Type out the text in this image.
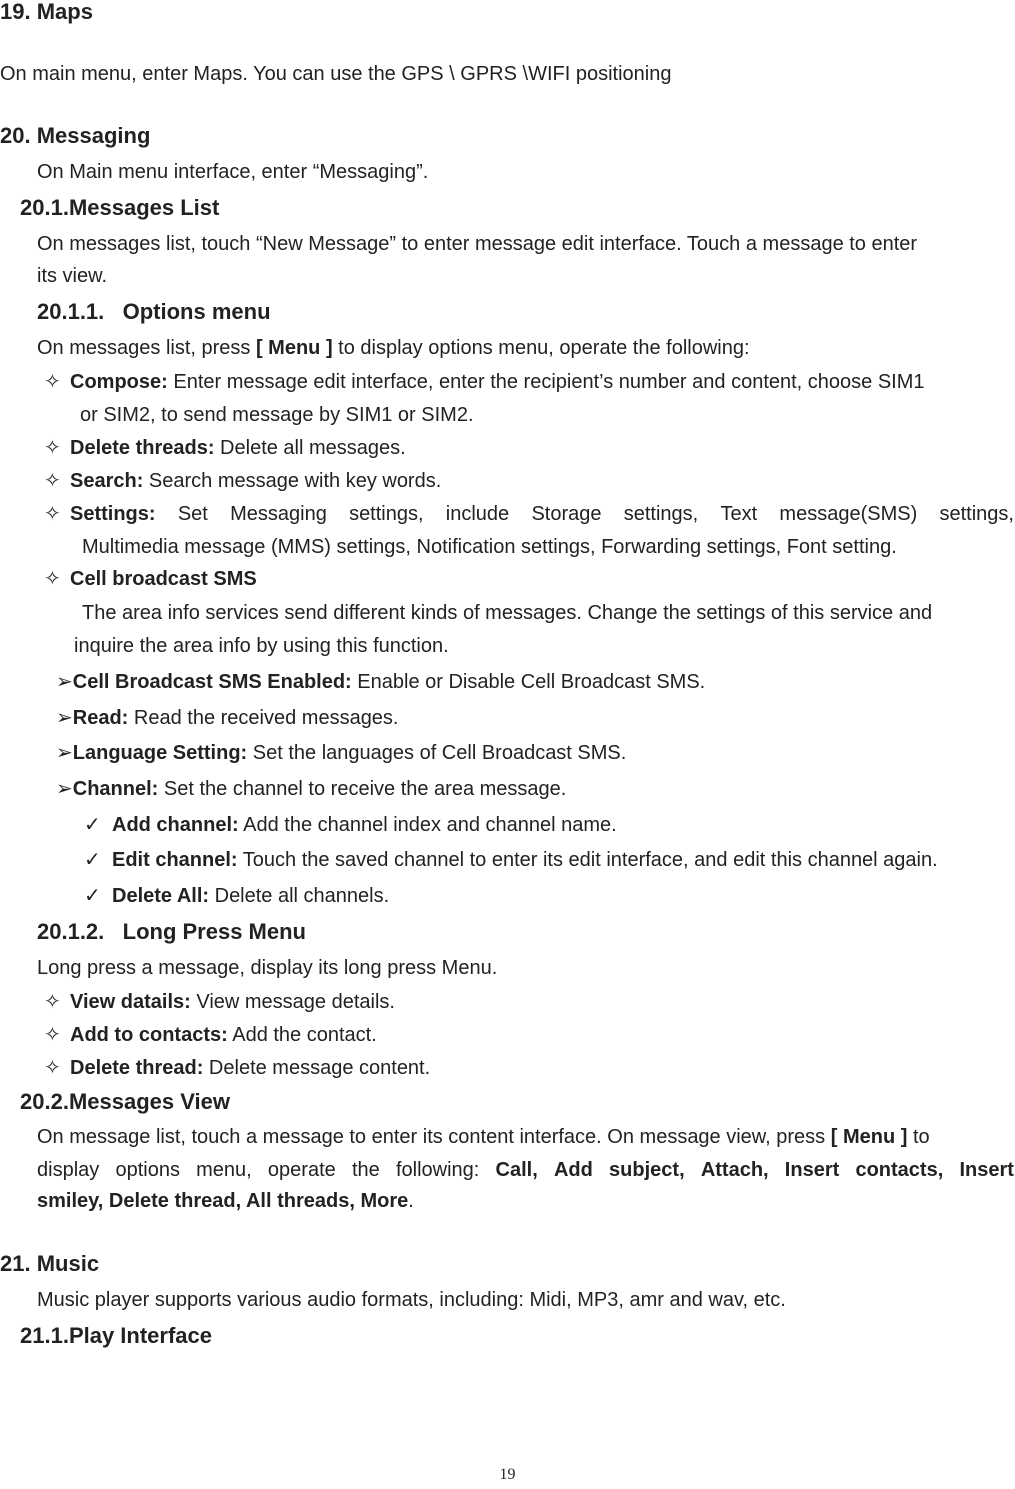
19. Maps
On main menu, enter Maps. You can use the GPS \ GPRS \WIFI positioning
20. Messaging
On Main menu interface, enter “Messaging”.
20.1.Messages List
On messages list, touch “New Message” to enter message edit interface. Touch a message to enter
its view.
20.1.1. Options menu
On messages list, press [ Menu ] to display options menu, operate the following:
✧ Compose: Enter message edit interface, enter the recipient’s number and content, choose SIM1
or SIM2, to send message by SIM1 or SIM2.
✧ Delete threads: Delete all messages.
✧ Search: Search message with key words.
✧ Settings: Set Messaging settings, include Storage settings, Text message(SMS) settings,
Multimedia message (MMS) settings, Notification settings, Forwarding settings, Font setting.
✧ Cell broadcast SMS
The area info services send different kinds of messages. Change the settings of this service and
inquire the area info by using this function.
➢Cell Broadcast SMS Enabled: Enable or Disable Cell Broadcast SMS.
➢Read: Read the received messages.
➢Language Setting: Set the languages of Cell Broadcast SMS.
➢Channel: Set the channel to receive the area message.
✓ Add channel: Add the channel index and channel name.
✓ Edit channel: Touch the saved channel to enter its edit interface, and edit this channel again.
✓ Delete All: Delete all channels.
20.1.2. Long Press Menu
Long press a message, display its long press Menu.
✧ View datails: View message details.
✧ Add to contacts: Add the contact.
✧ Delete thread: Delete message content.
20.2.Messages View
On message list, touch a message to enter its content interface. On message view, press [ Menu ] to
display options menu, operate the following: Call, Add subject, Attach, Insert contacts, Insert
smiley, Delete thread, All threads, More.
21. Music
Music player supports various audio formats, including: Midi, MP3, amr and wav, etc.
21.1.Play Interface
19
